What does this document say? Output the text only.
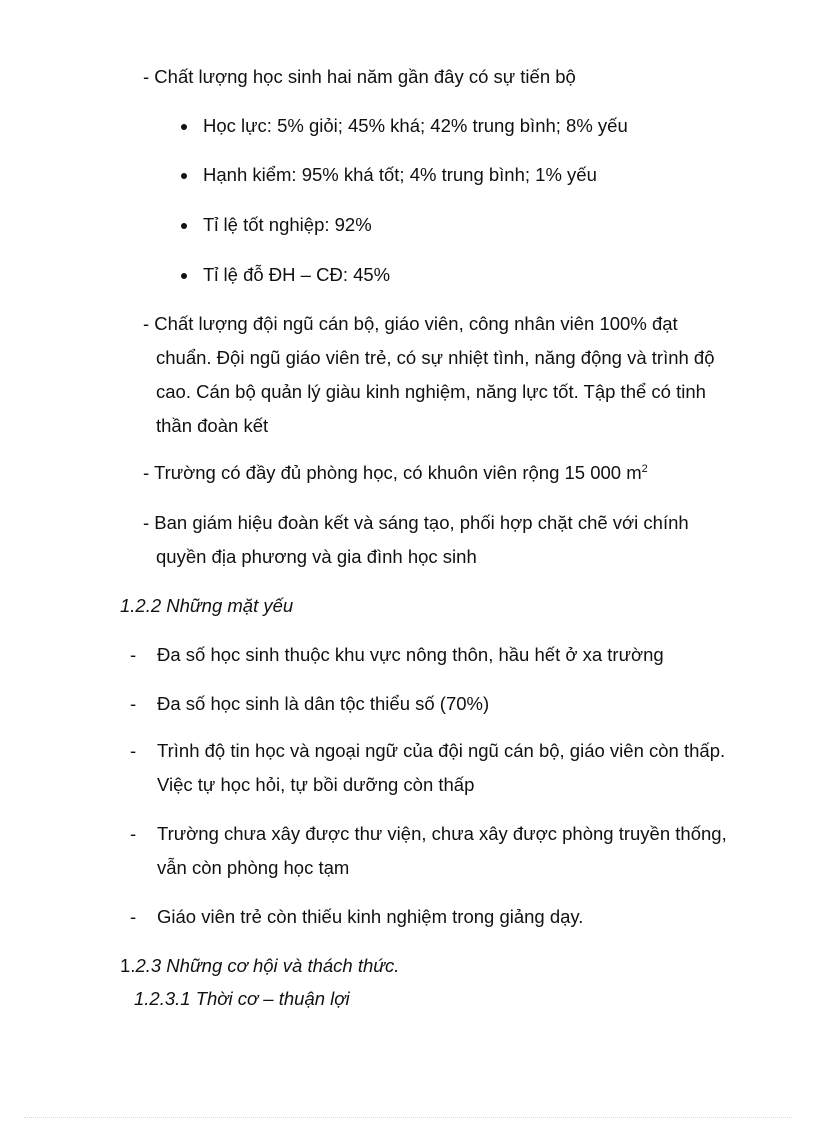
- Chất lượng học sinh hai năm gần đây có sự tiến bộ
Học lực: 5% giỏi; 45% khá; 42% trung bình; 8% yếu
Hạnh kiểm: 95% khá tốt; 4% trung bình; 1% yếu
Tỉ lệ tốt nghiệp: 92%
Tỉ lệ đỗ ĐH – CĐ: 45%
- Chất lượng đội ngũ cán bộ, giáo viên, công nhân viên 100% đạt
chuẩn. Đội ngũ giáo viên trẻ, có sự nhiệt tình, năng động và trình độ
cao. Cán bộ quản lý giàu kinh nghiệm, năng lực tốt. Tập thể có tinh
thần đoàn kết
- Trường có đầy đủ phòng học, có khuôn viên rộng 15 000 $m^2$
- Ban giám hiệu đoàn kết và sáng tạo, phối hợp chặt chẽ với chính
quyền địa phương và gia đình học sinh
1.2.2 Những mặt yếu
- Đa số học sinh thuộc khu vực nông thôn, hầu hết ở xa trường
- Đa số học sinh là dân tộc thiểu số (70%)
- Trình độ tin học và ngoại ngữ của đội ngũ cán bộ, giáo viên còn thấp.
Việc tự học hỏi, tự bồi dưỡng còn thấp
- Trường chưa xây được thư viện, chưa xây được phòng truyền thống,
vẫn còn phòng học tạm
- Giáo viên trẻ còn thiếu kinh nghiệm trong giảng dạy.
1.2.3 Những cơ hội và thách thức.
1.2.3.1 Thời cơ – thuận lợi
